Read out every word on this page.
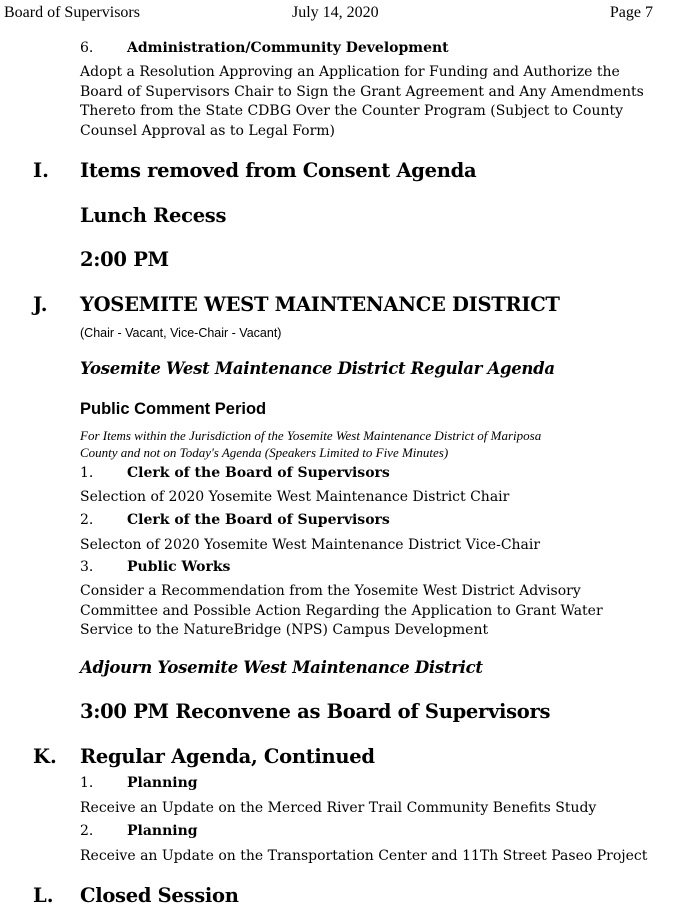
Board of Supervisors	July 14, 2020	Page 7
6. Administration/Community Development
Adopt a Resolution Approving an Application for Funding and Authorize the
Board of Supervisors Chair to Sign the Grant Agreement and Any Amendments
Thereto from the State CDBG Over the Counter Program (Subject to County
Counsel Approval as to Legal Form)
I. Items removed from Consent Agenda
Lunch Recess
2:00 PM
J. YOSEMITE WEST MAINTENANCE DISTRICT
(Chair - Vacant, Vice-Chair - Vacant)
Yosemite West Maintenance District Regular Agenda
Public Comment Period
For Items within the Jurisdiction of the Yosemite West Maintenance District of Mariposa
County and not on Today's Agenda (Speakers Limited to Five Minutes)
1. Clerk of the Board of Supervisors
Selection of 2020 Yosemite West Maintenance District Chair
2. Clerk of the Board of Supervisors
Selecton of 2020 Yosemite West Maintenance District Vice-Chair
3. Public Works
Consider a Recommendation from the Yosemite West District Advisory
Committee and Possible Action Regarding the Application to Grant Water
Service to the NatureBridge (NPS) Campus Development
Adjourn Yosemite West Maintenance District
3:00 PM Reconvene as Board of Supervisors
K. Regular Agenda, Continued
1. Planning
Receive an Update on the Merced River Trail Community Benefits Study
2. Planning
Receive an Update on the Transportation Center and 11Th Street Paseo Project
L. Closed Session
